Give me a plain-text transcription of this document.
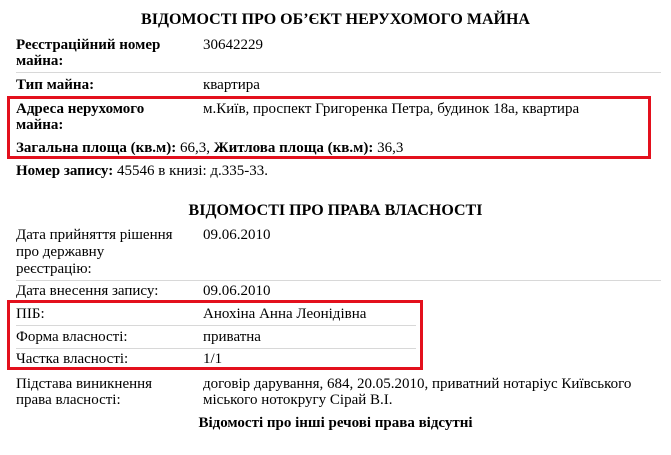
ВІДОМОСТІ ПРО ОБ’ЄКТ НЕРУХОМОГО МАЙНА
Реєстраційний номер
майна:
30642229
Тип майна:	квартира
Адреса нерухомого
майна:
м.Київ, проспект Григоренка Петра, будинок 18а, квартира
Загальна площа (кв.м): 66,3, Житлова площа (кв.м): 36,3
Номер запису: 45546 в книзі: д.335-33.
ВІДОМОСТІ ПРО ПРАВА ВЛАСНОСТІ
Дата прийняття рішення
про державну
реєстрацію:
09.06.2010
Дата внесення запису:	09.06.2010
ПІБ:	Анохіна Анна Леонідівна
Форма власності:	приватна
Частка власності:	1/1
Підстава виникнення
права власності:
договір дарування, 684, 20.05.2010, приватний нотаріус Київського
міського нотокругу Сірай В.І.
Відомості про інші речові права відсутні
